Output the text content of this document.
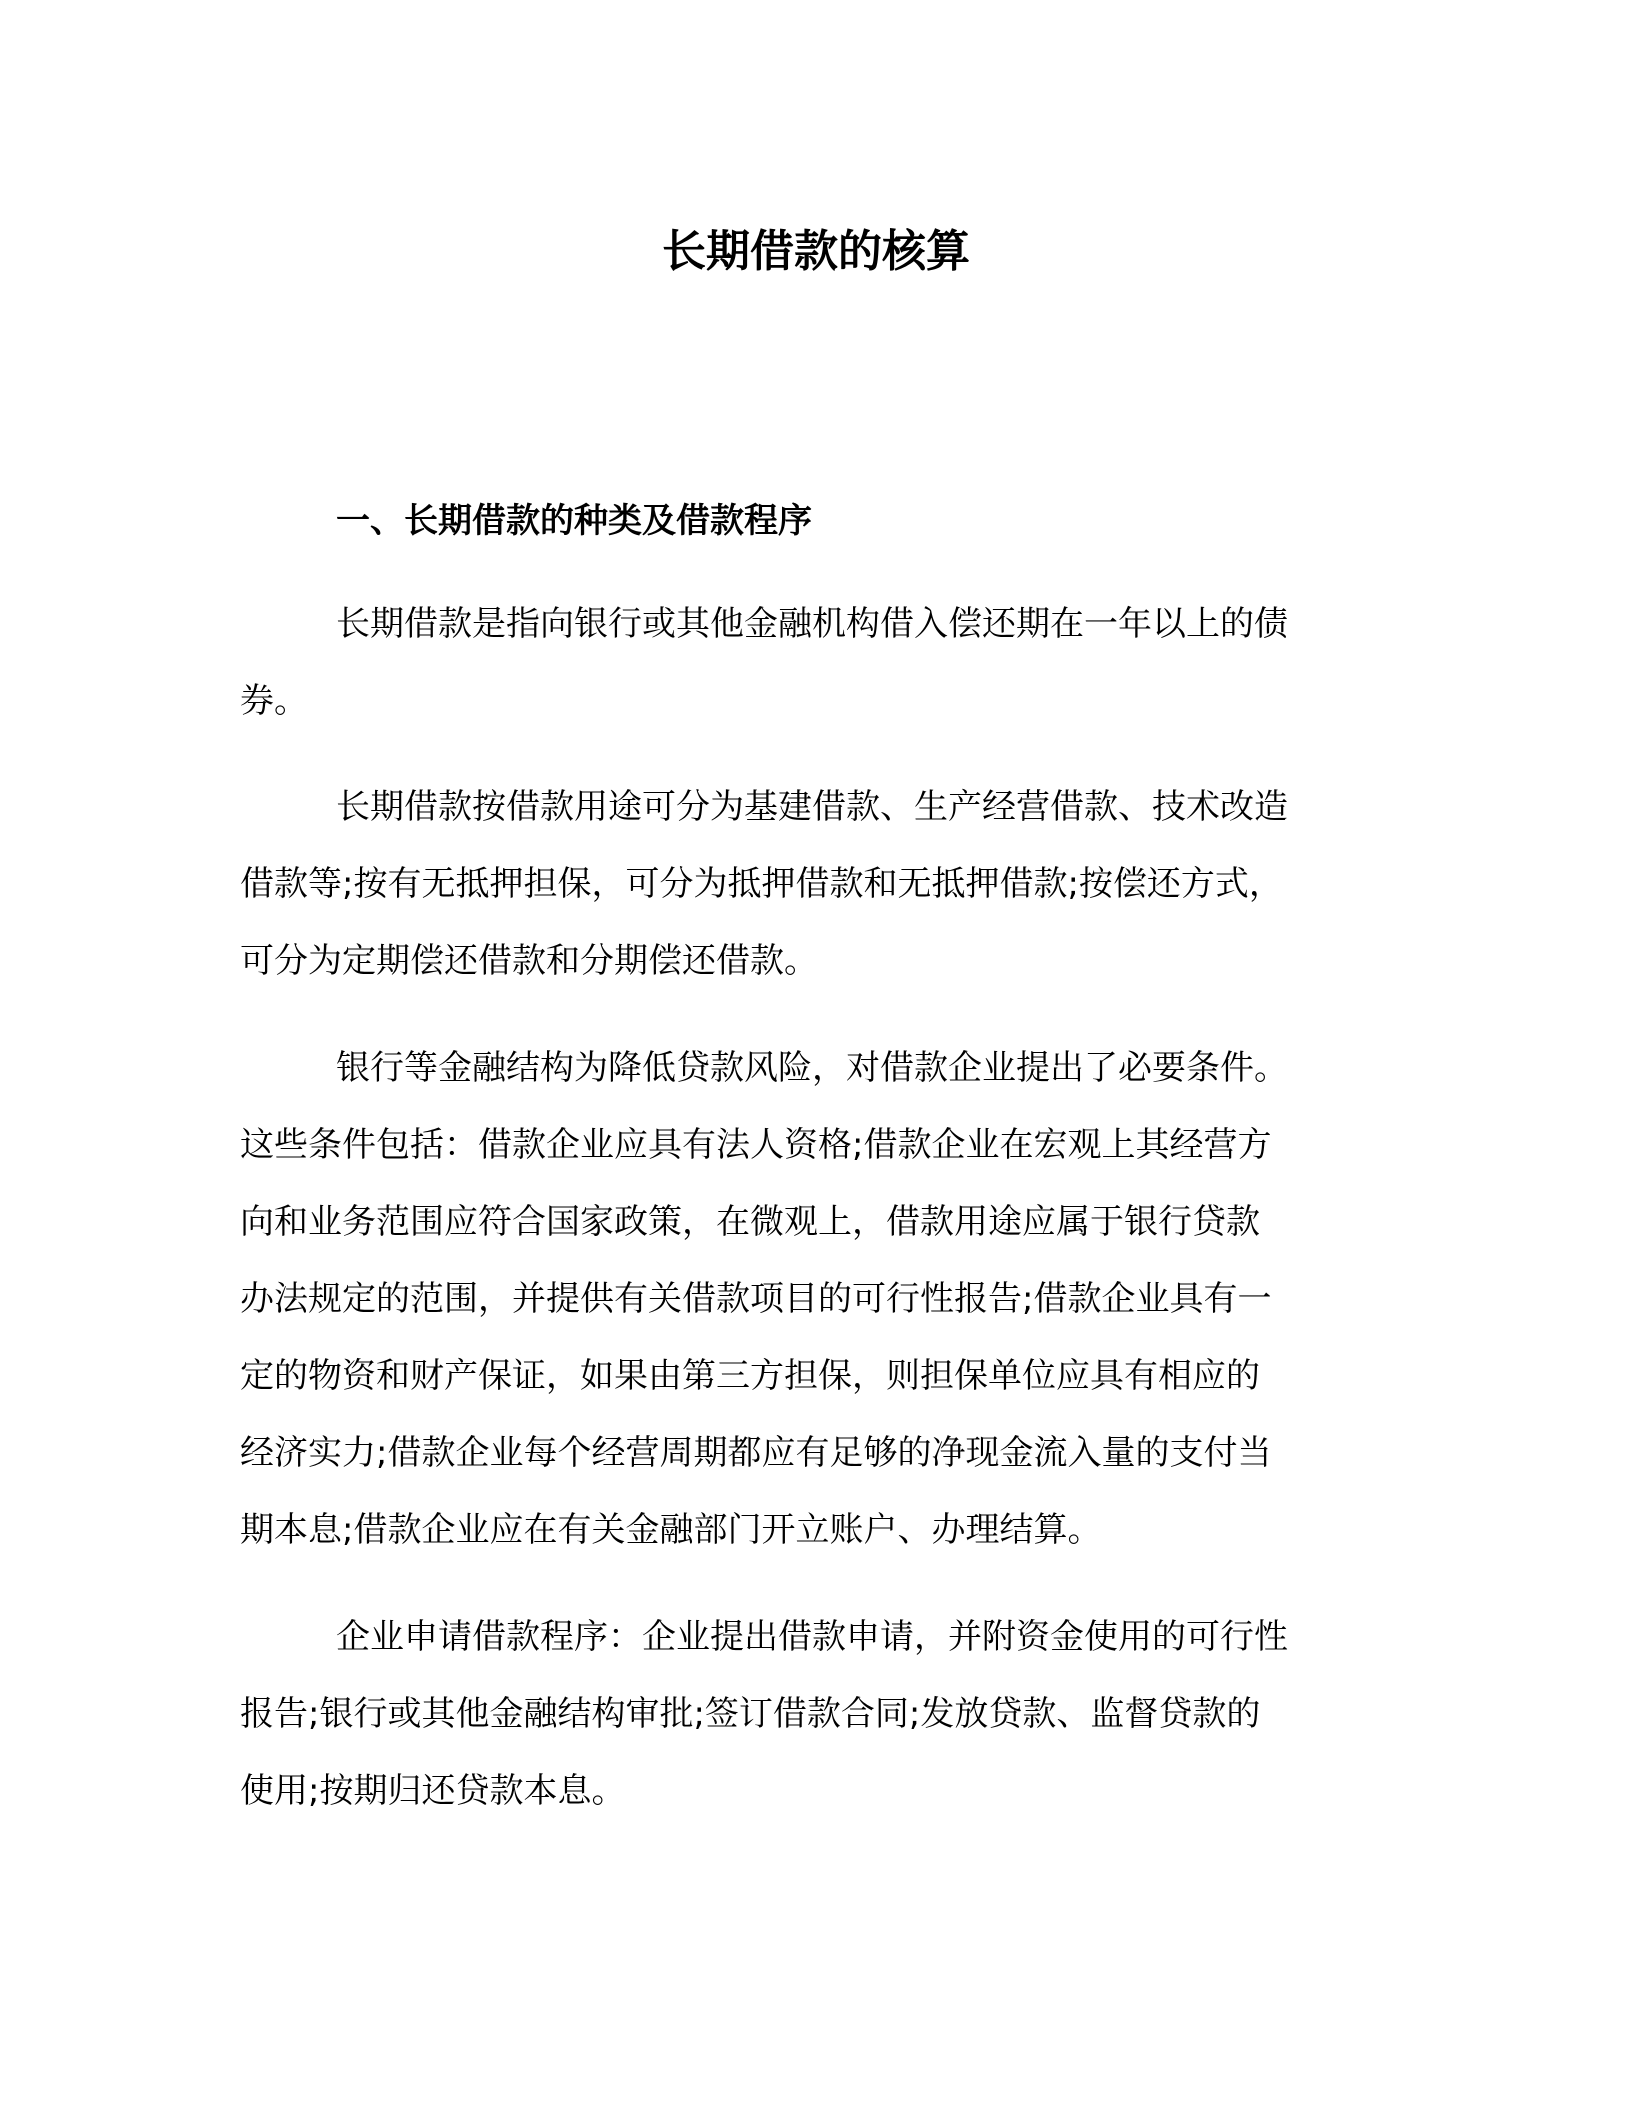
长期借款的核算
一、长期借款的种类及借款程序

长期借款是指向银行或其他金融机构借入偿还期在一年以上的债
券。

长期借款按借款用途可分为基建借款、生产经营借款、技术改造
借款等;按有无抵押担保，可分为抵押借款和无抵押借款;按偿还方式，
可分为定期偿还借款和分期偿还借款。

银行等金融结构为降低贷款风险，对借款企业提出了必要条件。
这些条件包括：借款企业应具有法人资格;借款企业在宏观上其经营方
向和业务范围应符合国家政策，在微观上，借款用途应属于银行贷款
办法规定的范围，并提供有关借款项目的可行性报告;借款企业具有一
定的物资和财产保证，如果由第三方担保，则担保单位应具有相应的
经济实力;借款企业每个经营周期都应有足够的净现金流入量的支付当
期本息;借款企业应在有关金融部门开立账户、办理结算。

企业申请借款程序：企业提出借款申请，并附资金使用的可行性
报告;银行或其他金融结构审批;签订借款合同;发放贷款、监督贷款的
使用;按期归还贷款本息。
